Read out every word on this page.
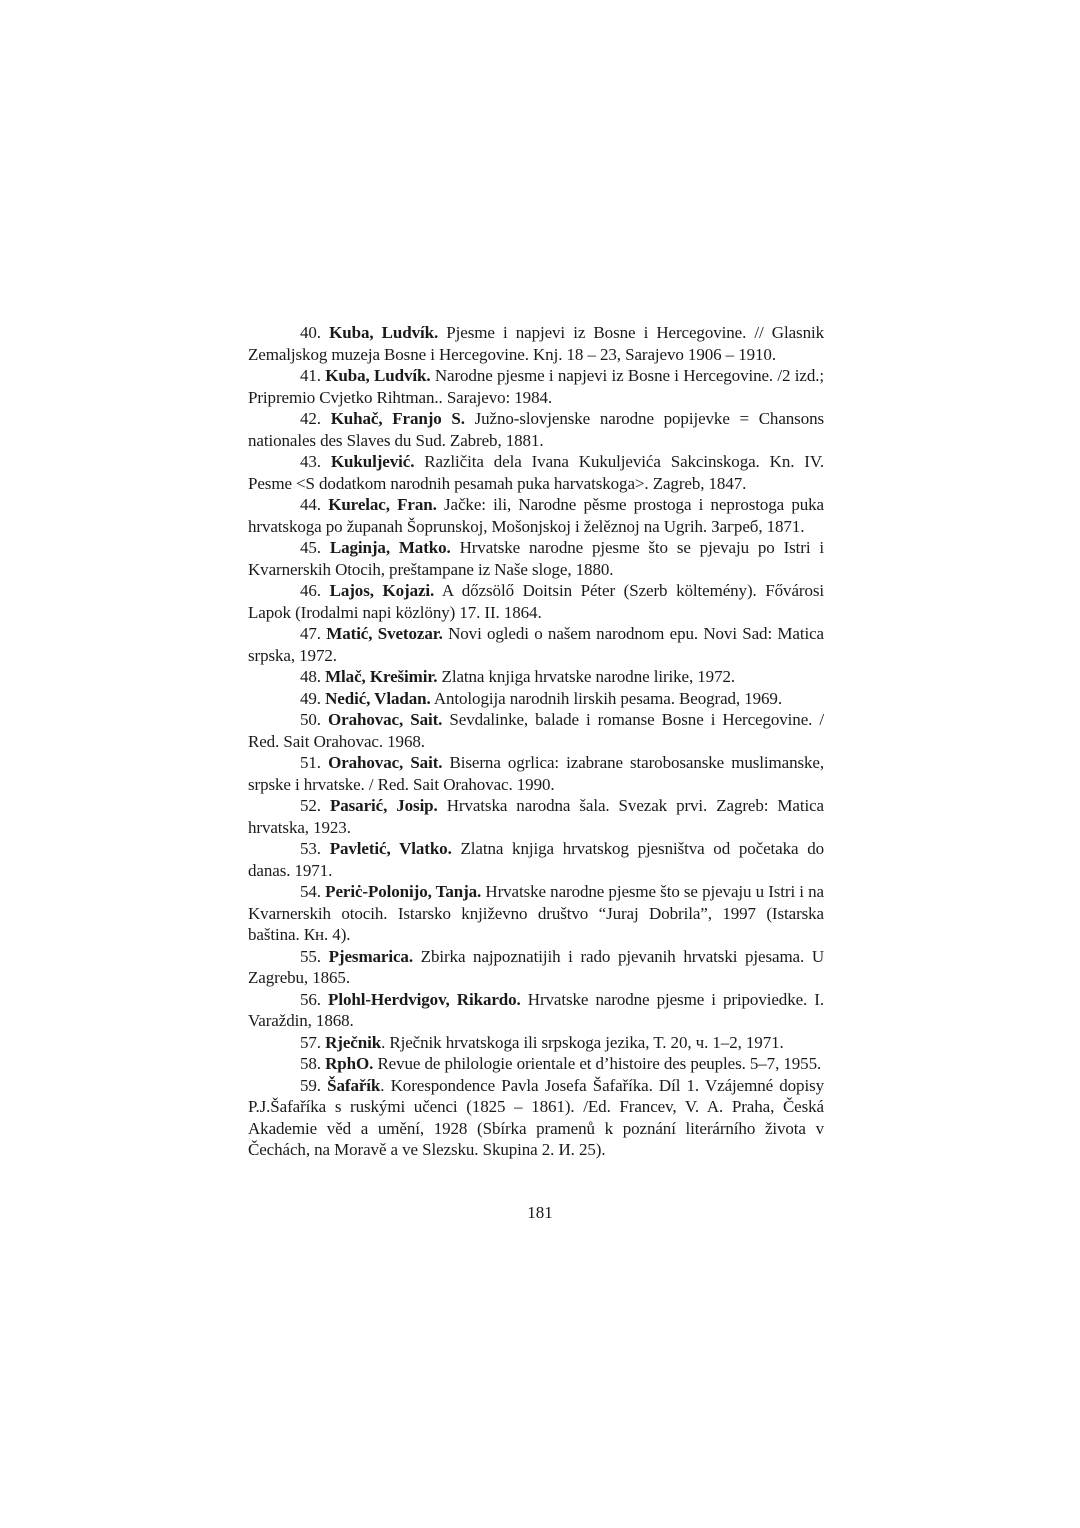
40. Kuba, Ludvík. Pjesme i napjevi iz Bosne i Hercegovine. // Glasnik Zemaljskog muzeja Bosne i Hercegovine. Knj. 18 – 23, Sarajevo 1906 – 1910.

41. Kuba, Ludvík. Narodne pjesme i napjevi iz Bosne i Hercegovine. /2 izd.; Pripremio Cvjetko Rihtman.. Sarajevo: 1984.

42. Kuhač, Franjo S. Južno-slovjenske narodne popijevke = Chansons nationales des Slaves du Sud. Zabreb, 1881.

43. Kukuljević. Različita dela Ivana Kukuljevića Sakcinskoga. Kn. IV. Pesme <S dodatkom narodnih pesamah puka harvatskoga>. Zagreb, 1847.

44. Kurelac, Fran. Jačke: ili, Narodne pěsme prostoga i neprostoga puka hrvatskoga po županah Šoprunskoj, Mošonjskoj i želěznoj na Ugrih. Загреб, 1871.

45. Laginja, Matko. Hrvatske narodne pjesme što se pjevaju po Istri i Kvarnerskih Otocih, preštampane iz Naše sloge, 1880.

46. Lajos, Kojazi. A dőzsölő Doitsin Péter (Szerb költemény). Fővárosi Lapok (Irodalmi napi közlöny) 17. II. 1864.

47. Matić, Svetozar. Novi ogledi o našem narodnom epu. Novi Sad: Matica srpska, 1972.

48. Mlač, Krešimir. Zlatna knjiga hrvatske narodne lirike, 1972.

49. Nedić, Vladan. Antologija narodnih lirskih pesama. Beograd, 1969.

50. Orahovac, Sait. Sevdalinke, balade i romanse Bosne i Hercegovine. / Red. Sait Orahovac. 1968.

51. Orahovac, Sait. Biserna ogrlica: izabrane starobosanske muslimanske, srpske i hrvatske. / Red. Sait Orahovac. 1990.

52. Pasarić, Josip. Hrvatska narodna šala. Svezak prvi. Zagreb: Matica hrvatska, 1923.

53. Pavletić, Vlatko. Zlatna knjiga hrvatskog pjesništva od početaka do danas. 1971.

54. Periċ-Polonijo, Tanja. Hrvatske narodne pjesme što se pjevaju u Istri i na Kvarnerskih otocih. Istarsko književno društvo “Juraj Dobrila”, 1997 (Istarska baština. Кн. 4).

55. Pjesmarica. Zbirka najpoznatijih i rado pjevanih hrvatski pjesama. U Zagrebu, 1865.

56. Plohl-Herdvigov, Rikardo. Hrvatske narodne pjesme i pripoviedke. I. Varaždin, 1868.

57. Rječnik. Rječnik hrvatskoga ili srpskoga jezika, T. 20, ч. 1–2, 1971.

58. RphO. Revue de philologie orientale et d’histoire des peuples. 5–7, 1955.

59. Šafařík. Korespondence Pavla Josefa Šafaříka. Díl 1. Vzájemné dopisy P.J.Šafaříka s ruskými učenci (1825 – 1861). /Ed. Francev, V. A. Praha, Česká Akademie věd a umění, 1928 (Sbírka pramenů k poznání literárního života v Čechách, na Moravě a ve Slezsku. Skupina 2. И. 25).

181
